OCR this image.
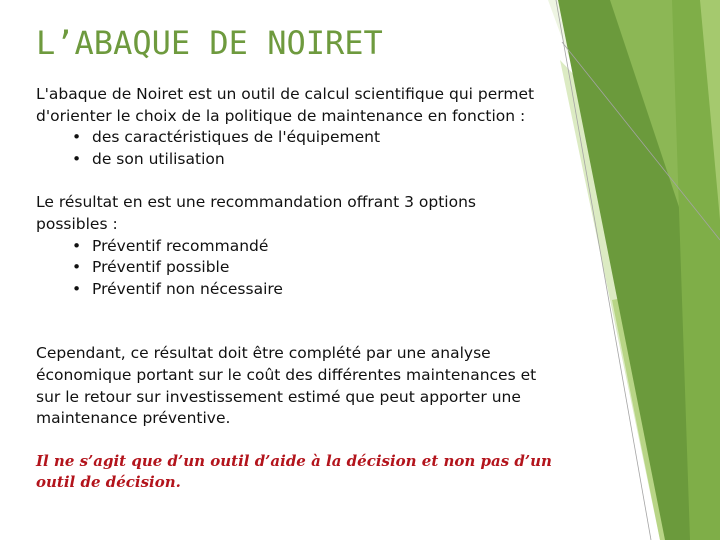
L’ABAQUE DE NOIRET

L'abaque de Noiret est un outil de calcul scientifique qui permet
d'orienter le choix de la politique de maintenance en fonction :

• des caractéristiques de l'équipement
• de son utilisation

Le résultat en est une recommandation offrant 3 options
possibles :

• Préventif recommandé
• Préventif possible
• Préventif non nécessaire

Cependant, ce résultat doit être complété par une analyse
économique portant sur le coût des différentes maintenances et
sur le retour sur investissement estimé que peut apporter une
maintenance préventive.

Il ne s’agit que d’un outil d’aide à la décision et non pas d’un
outil de décision.
